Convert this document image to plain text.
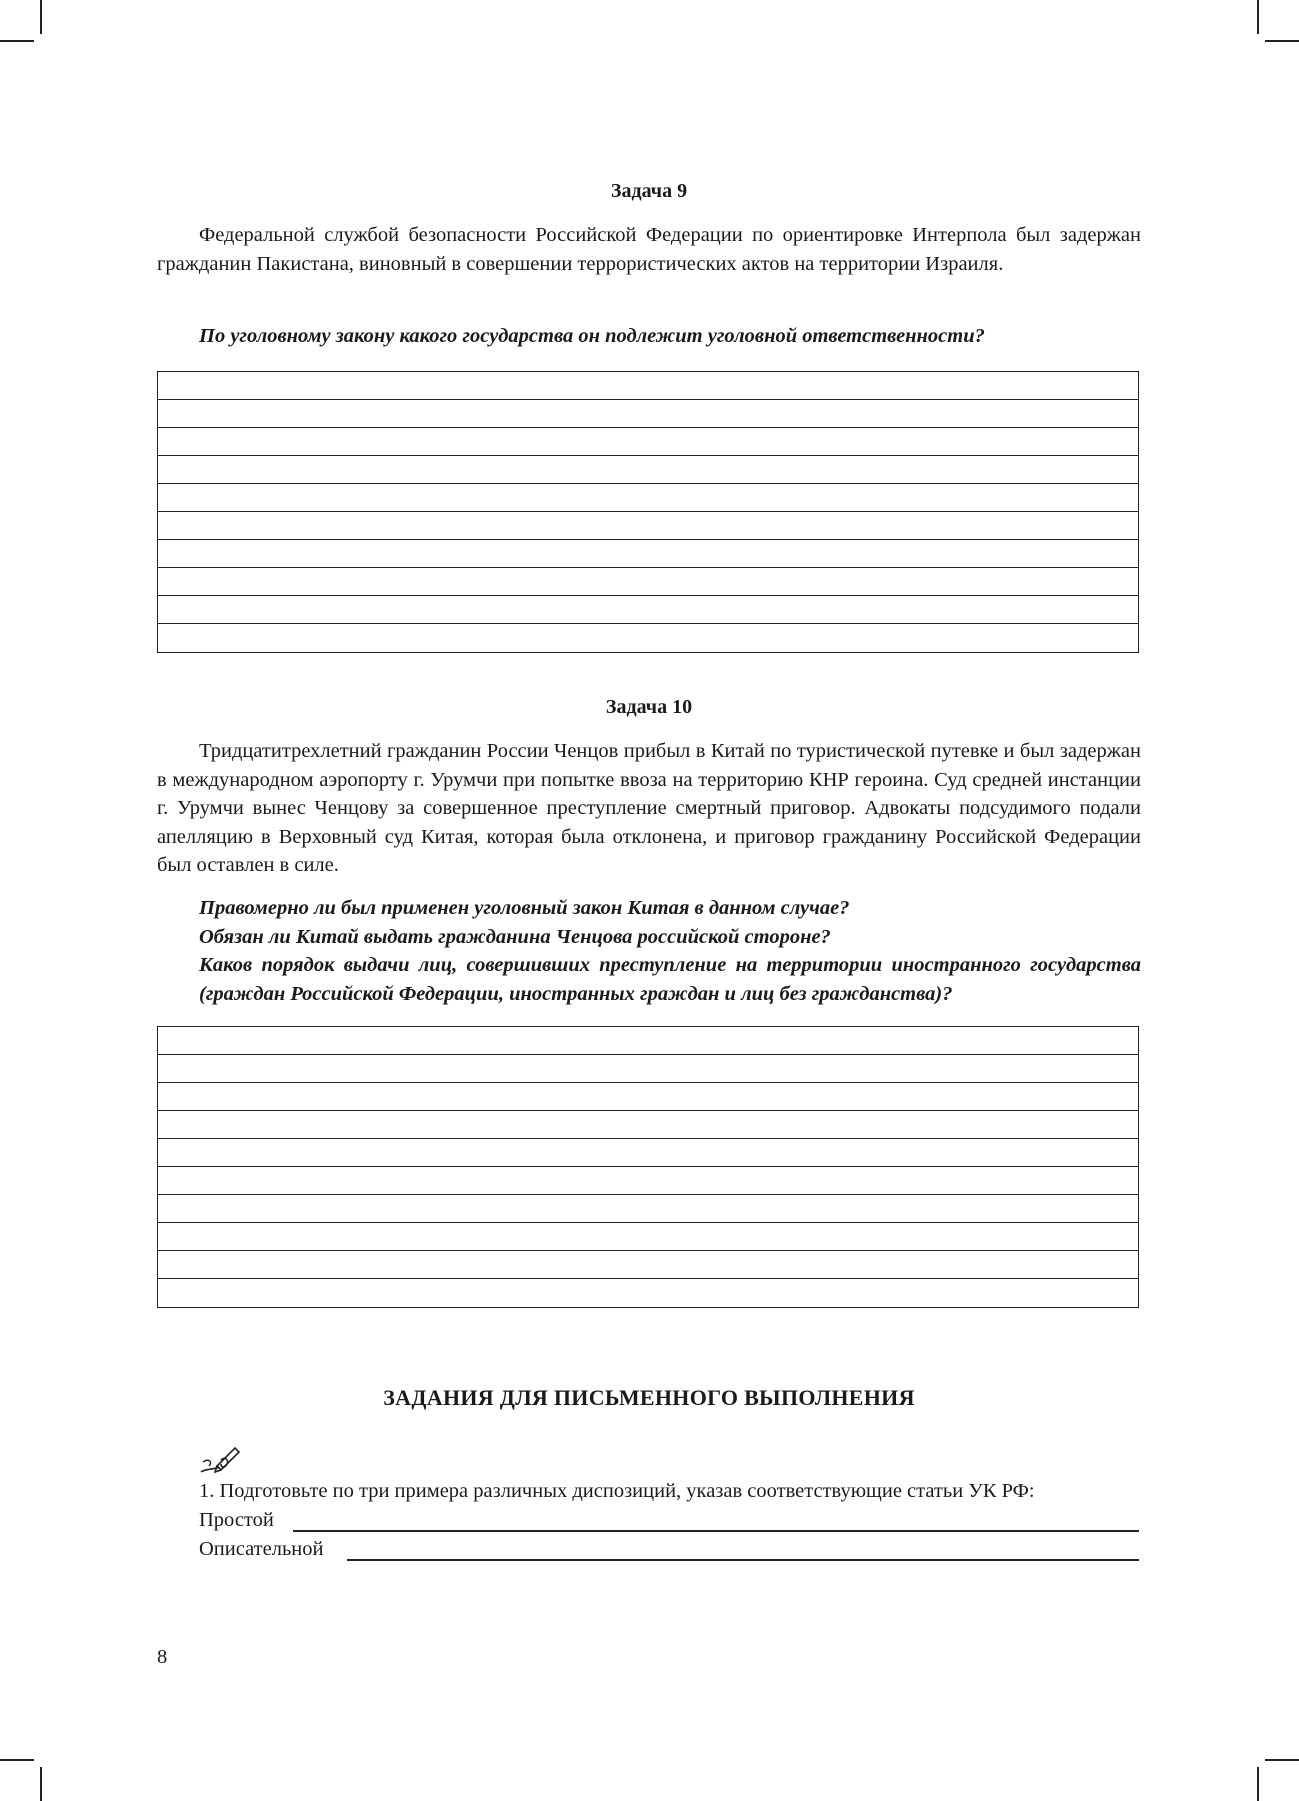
Задача 9

Федеральной службой безопасности Российской Федерации по ориентировке Интерпола был задержан гражданин Пакистана, виновный в совершении террористических актов на территории Израиля.

По уголовному закону какого государства он подлежит уголовной ответственности?
Задача 10

Тридцатитрехлетний гражданин России Ченцов прибыл в Китай по туристической путевке и был задержан в международном аэропорту г. Урумчи при попытке ввоза на территорию КНР героина. Суд средней инстанции г. Урумчи вынес Ченцову за совершенное преступление смертный приговор. Адвокаты подсудимого подали апелляцию в Верховный суд Китая, которая была отклонена, и приговор гражданину Российской Федерации был оставлен в силе.

Правомерно ли был применен уголовный закон Китая в данном случае?
Обязан ли Китай выдать гражданина Ченцова российской стороне?
Каков порядок выдачи лиц, совершивших преступление на территории иностранного государства (граждан Российской Федерации, иностранных граждан и лиц без гражданства)?
ЗАДАНИЯ ДЛЯ ПИСЬМЕННОГО ВЫПОЛНЕНИЯ
1. Подготовьте по три примера различных диспозиций, указав соответствующие статьи УК РФ:
Простой
Описательной
8
